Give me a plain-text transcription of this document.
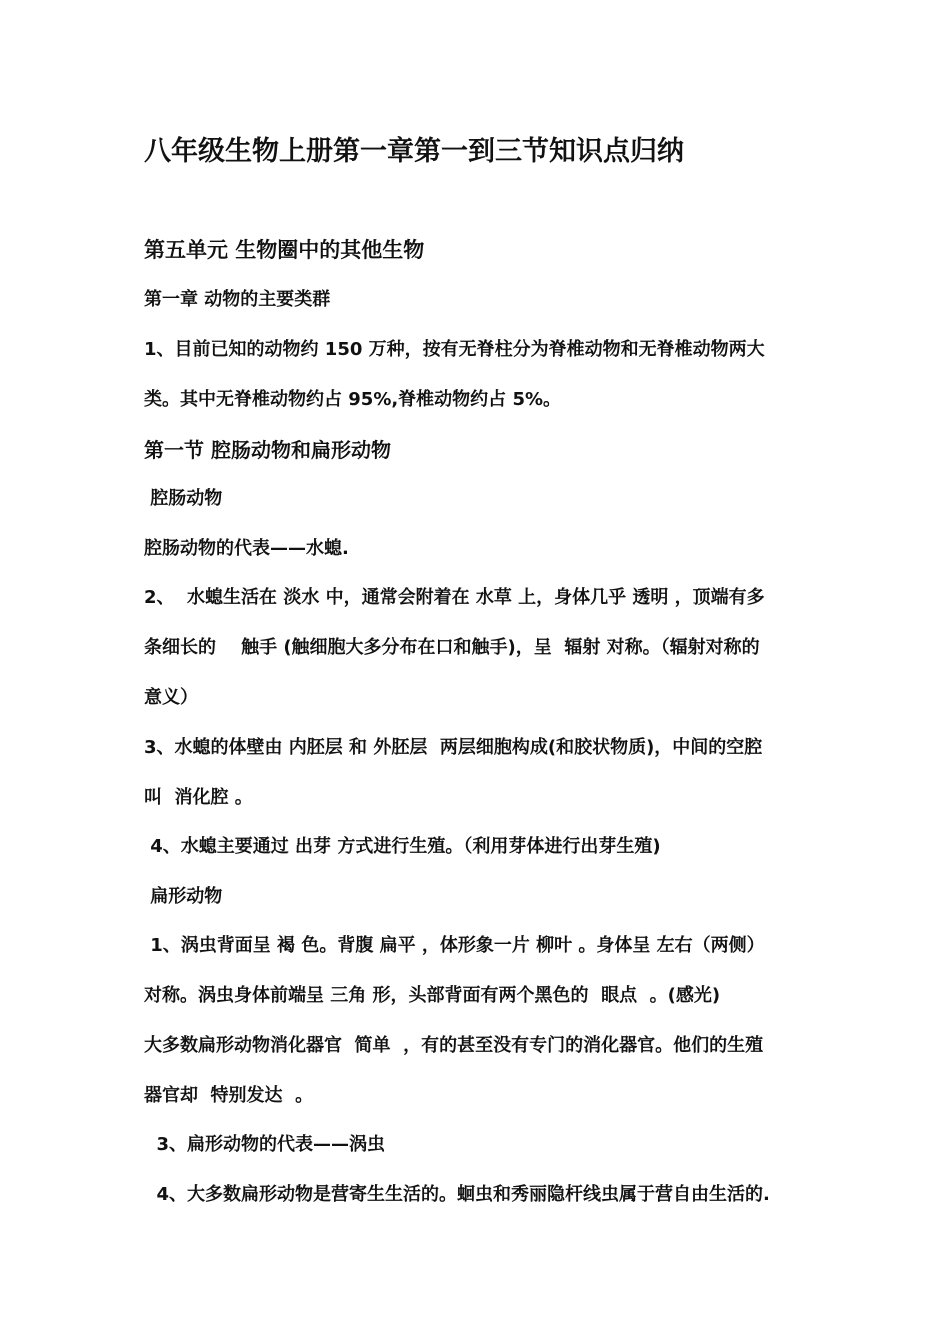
八年级生物上册第一章第一到三节知识点归纳
第五单元 生物圈中的其他生物
第一章 动物的主要类群
1、目前已知的动物约 150 万种，按有无脊柱分为脊椎动物和无脊椎动物两大
类。其中无脊椎动物约占 95%,脊椎动物约占 5%。
第一节 腔肠动物和扁形动物
腔肠动物
腔肠动物的代表——水螅.
2、  水螅生活在 淡水 中，通常会附着在 水草 上，身体几乎 透明 ，顶端有多
条细长的    触手 (触细胞大多分布在口和触手)，呈  辐射 对称。（辐射对称的
意义）
3、水螅的体壁由 内胚层 和 外胚层  两层细胞构成(和胶状物质)，中间的空腔
叫  消化腔 。
4、水螅主要通过 出芽 方式进行生殖。（利用芽体进行出芽生殖)
扁形动物
1、涡虫背面呈 褐 色。背腹 扁平 ，体形象一片 柳叶 。身体呈 左右（两侧）
对称。涡虫身体前端呈 三角 形，头部背面有两个黑色的  眼点  。(感光)
大多数扁形动物消化器官  简单  ，有的甚至没有专门的消化器官。他们的生殖
器官却  特别发达  。
3、扁形动物的代表——涡虫
4、大多数扁形动物是营寄生生活的。蛔虫和秀丽隐杆线虫属于营自由生活的.
